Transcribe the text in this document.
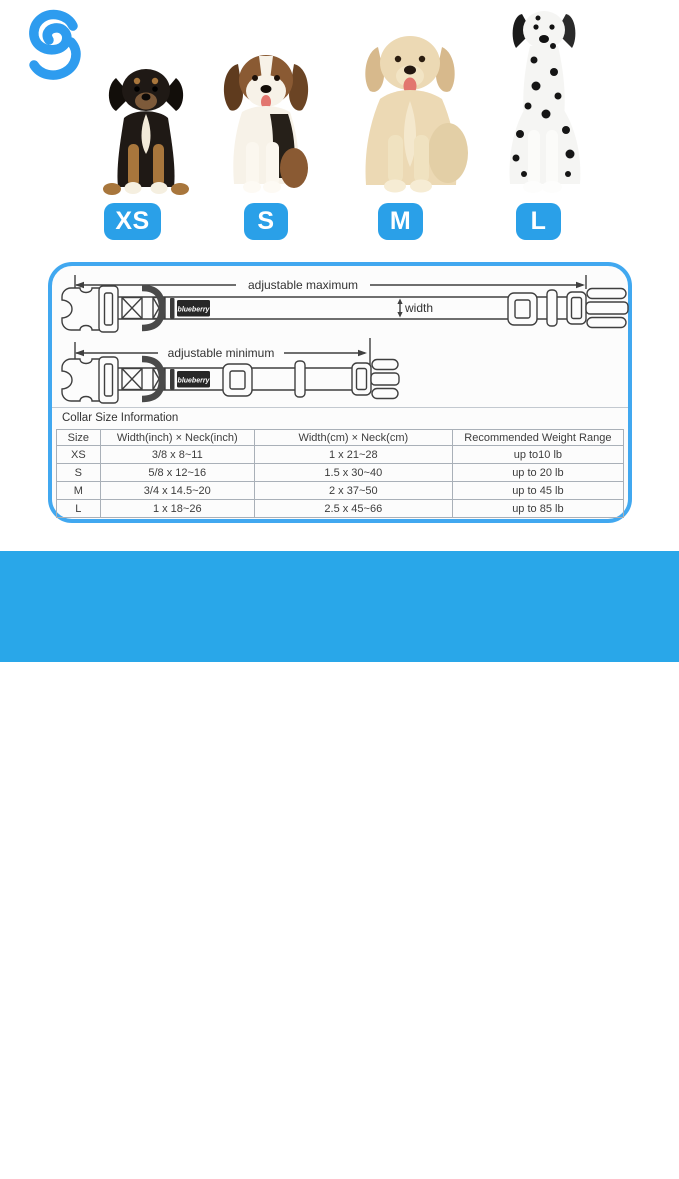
XS	S	M	L
adjustable maximum
width
adjustable minimum
Collar Size Information
Size	Width(inch) × Neck(inch)	Width(cm) × Neck(cm)	Recommended Weight Range
XS	3/8 x 8~11	1 x 21~28	up to10 lb
S	5/8 x 12~16	1.5 x 30~40	up to 20 lb
M	3/4 x 14.5~20	2 x 37~50	up to 45 lb
L	1 x 18~26	2.5 x 45~66	up to 85 lb
!
Tips: Measure the circumference of pet's neck. It should be snug enough to fit 2 fingers between dog's neck and their collar.
